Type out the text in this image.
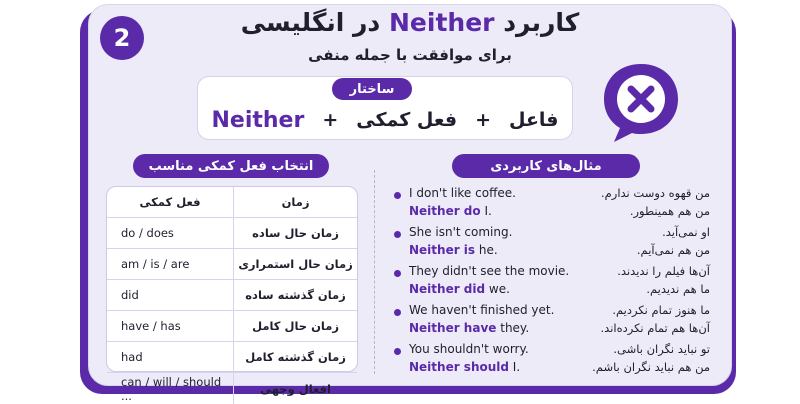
2
کاربرد Neither در انگلیسی
برای موافقت با جمله منفی
ساختار
Neither + فعل کمکی + فاعل
انتخاب فعل کمکی مناسب	مثال‌های کاربردی
فعل کمکی	زمان
do / does	زمان حال ساده
am / is / are	زمان حال استمراری
did	زمان گذشته ساده
have / has	زمان حال کامل
had	زمان گذشته کامل
can / will / should ...	افعال وجهی
I don't like coffee.
Neither do I.
من قهوه دوست ندارم.
من هم همینطور.
She isn't coming.
Neither is he.
او نمی‌آید.
من هم نمی‌آیم.
They didn't see the movie.
Neither did we.
آن‌ها فیلم را ندیدند.
ما هم ندیدیم.
We haven't finished yet.
Neither have they.
ما هنوز تمام نکردیم.
آن‌ها هم تمام نکرده‌اند.
You shouldn't worry.
Neither should I.
تو نباید نگران باشی.
من هم نباید نگران باشم.
